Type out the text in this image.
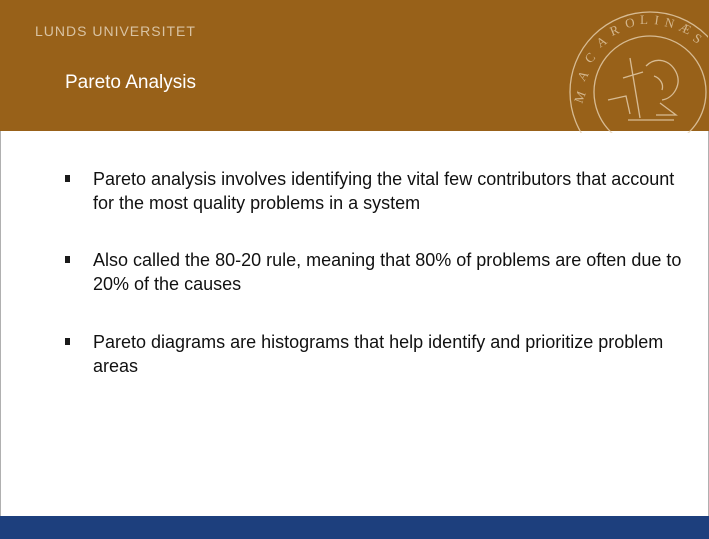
LUNDS UNIVERSITET
Pareto Analysis
M
A
C
A
R O L I N Æ
S
Pareto analysis involves identifying the vital few contributors that account for the most quality problems in a system
Also called the 80-20 rule, meaning that 80% of problems are often due to 20% of the causes
Pareto diagrams are histograms that help identify and prioritize problem areas
